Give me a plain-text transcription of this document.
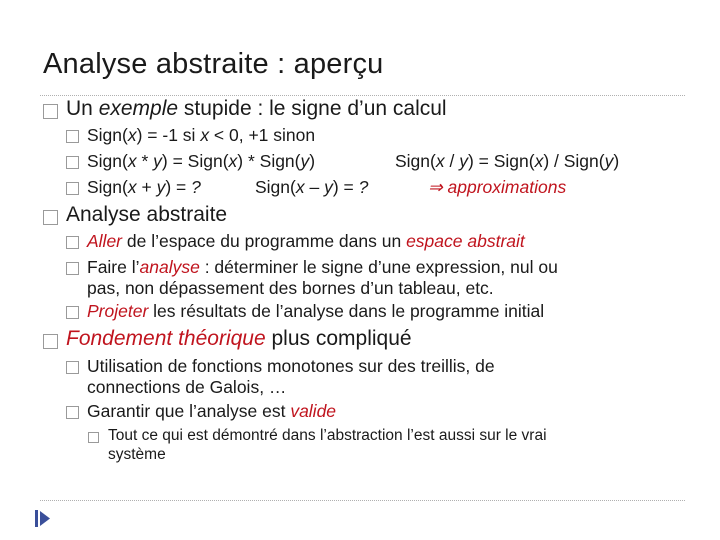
Analyse abstraite : aperçu
Un exemple stupide : le signe d’un calcul
Sign(x) = -1 si x < 0, +1 sinon
Sign(x * y) = Sign(x) * Sign(y)	Sign(x / y) = Sign(x) / Sign(y)
Sign(x + y) = ?	Sign(x – y) = ?	⇒ approximations
Analyse abstraite
Aller de l’espace du programme dans un espace abstrait
Faire l’analyse : déterminer le signe d’une expression, nul ou
pas, non dépassement des bornes d’un tableau, etc.
Projeter les résultats de l’analyse dans le programme initial
Fondement théorique plus compliqué
Utilisation de fonctions monotones sur des treillis, de
connections de Galois, …
Garantir que l’analyse est valide
Tout ce qui est démontré dans l’abstraction l’est aussi sur le vrai
système
